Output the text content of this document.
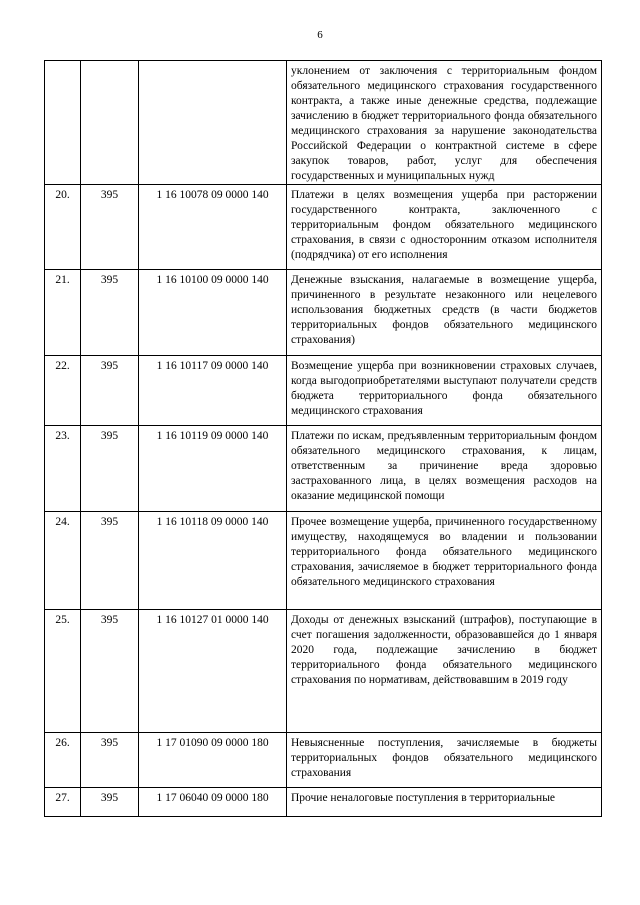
6
			уклонением от заключения с территориальным фондом обязательного медицинского страхования государственного контракта, а также иные денежные средства, подлежащие зачислению в бюджет территориального фонда обязательного медицинского страхования за нарушение законодательства Российской Федерации о контрактной системе в сфере закупок товаров, работ, услуг для обеспечения государственных и муниципальных нужд
20.	395	1 16 10078 09 0000 140	Платежи в целях возмещения ущерба при расторжении государственного контракта, заключенного с территориальным фондом обязательного медицинского страхования, в связи с односторонним отказом исполнителя (подрядчика) от его исполнения
21.	395	1 16 10100 09 0000 140	Денежные взыскания, налагаемые в возмещение ущерба, причиненного в результате незаконного или нецелевого использования бюджетных средств (в части бюджетов территориальных фондов обязательного медицинского страхования)
22.	395	1 16 10117 09 0000 140	Возмещение ущерба при возникновении страховых случаев, когда выгодоприобретателями выступают получатели средств бюджета территориального фонда обязательного медицинского страхования
23.	395	1 16 10119 09 0000 140	Платежи по искам, предъявленным территориальным фондом обязательного медицинского страхования, к лицам, ответственным за причинение вреда здоровью застрахованного лица, в целях возмещения расходов на оказание медицинской помощи
24.	395	1 16 10118 09 0000 140	Прочее возмещение ущерба, причиненного государственному имуществу, находящемуся во владении и пользовании территориального фонда обязательного медицинского страхования, зачисляемое в бюджет территориального фонда обязательного медицинского страхования
25.	395	1 16 10127 01 0000 140	Доходы от денежных взысканий (штрафов), поступающие в счет погашения задолженности, образовавшейся до 1 января 2020 года, подлежащие зачислению в бюджет территориального фонда обязательного медицинского страхования по нормативам, действовавшим в 2019 году
26.	395	1 17 01090 09 0000 180	Невыясненные поступления, зачисляемые в бюджеты территориальных фондов обязательного медицинского страхования
27.	395	1 17 06040 09 0000 180	Прочие неналоговые поступления в территориальные
